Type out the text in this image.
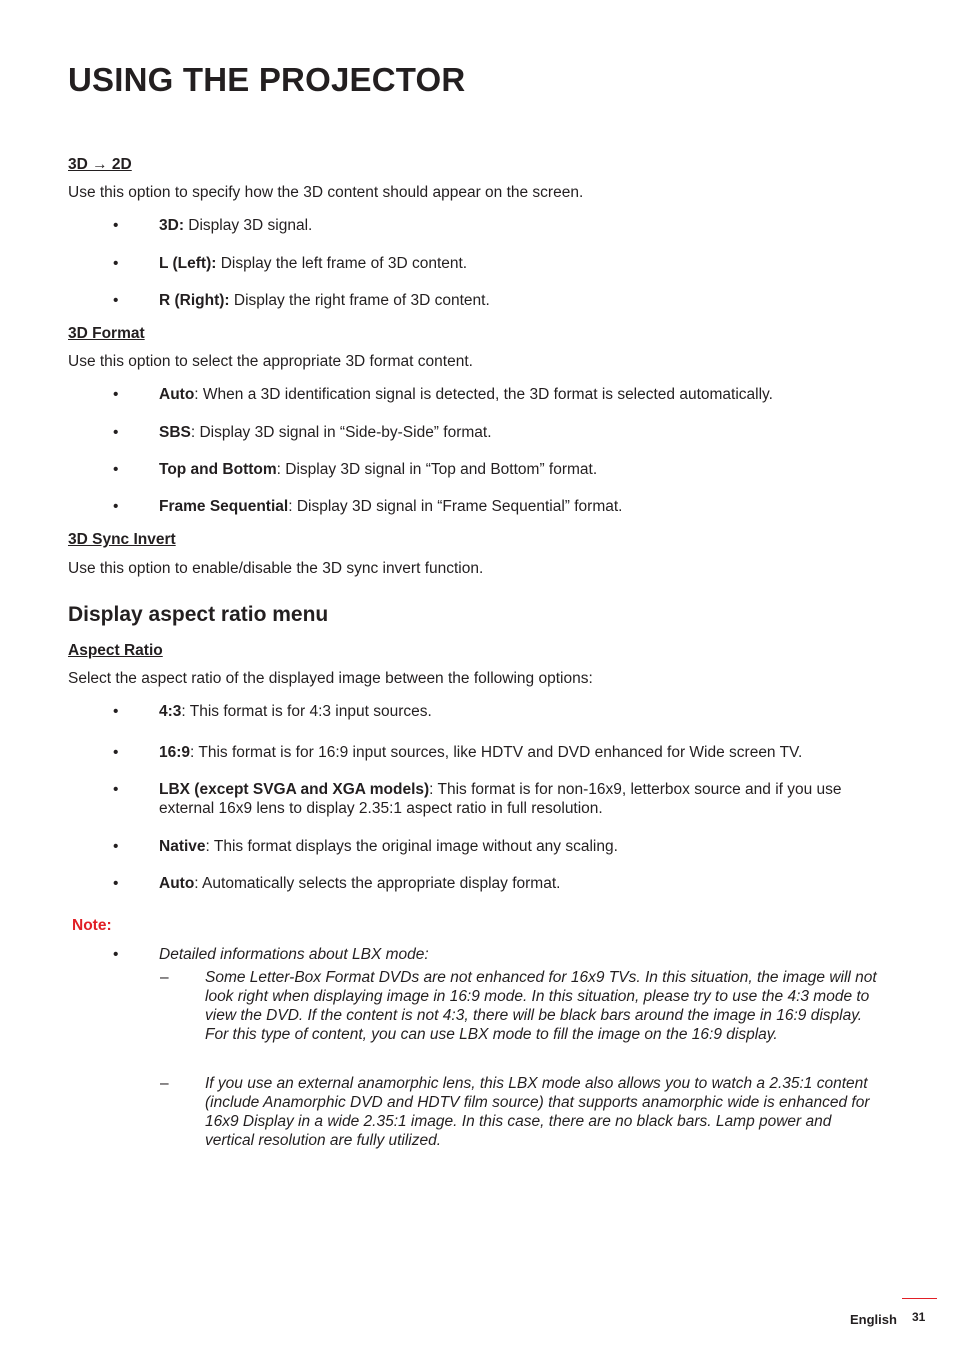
USING THE PROJECTOR
3D → 2D
Use this option to specify how the 3D content should appear on the screen.
•	3D: Display 3D signal.
•	L (Left): Display the left frame of 3D content.
•	R (Right): Display the right frame of 3D content.
3D Format
Use this option to select the appropriate 3D format content.
•	Auto: When a 3D identification signal is detected, the 3D format is selected automatically.
•	SBS: Display 3D signal in “Side-by-Side” format.
•	Top and Bottom: Display 3D signal in “Top and Bottom” format.
•	Frame Sequential: Display 3D signal in “Frame Sequential” format.
3D Sync Invert
Use this option to enable/disable the 3D sync invert function.
Display aspect ratio menu
Aspect Ratio
Select the aspect ratio of the displayed image between the following options:
•	4:3: This format is for 4:3 input sources.
•	16:9: This format is for 16:9 input sources, like HDTV and DVD enhanced for Wide screen TV.
•	LBX (except SVGA and XGA models): This format is for non-16x9, letterbox source and if you use external 16x9 lens to display 2.35:1 aspect ratio in full resolution.
•	Native: This format displays the original image without any scaling.
•	Auto: Automatically selects the appropriate display format.
Note:
•	Detailed informations about LBX mode:
– Some Letter-Box Format DVDs are not enhanced for 16x9 TVs. In this situation, the image will not look right when displaying image in 16:9 mode. In this situation, please try to use the 4:3 mode to view the DVD. If the content is not 4:3, there will be black bars around the image in 16:9 display. For this type of content, you can use LBX mode to fill the image on the 16:9 display.
– If you use an external anamorphic lens, this LBX mode also allows you to watch a 2.35:1 content (include Anamorphic DVD and HDTV film source) that supports anamorphic wide is enhanced for 16x9 Display in a wide 2.35:1 image. In this case, there are no black bars. Lamp power and vertical resolution are fully utilized.
English 31
